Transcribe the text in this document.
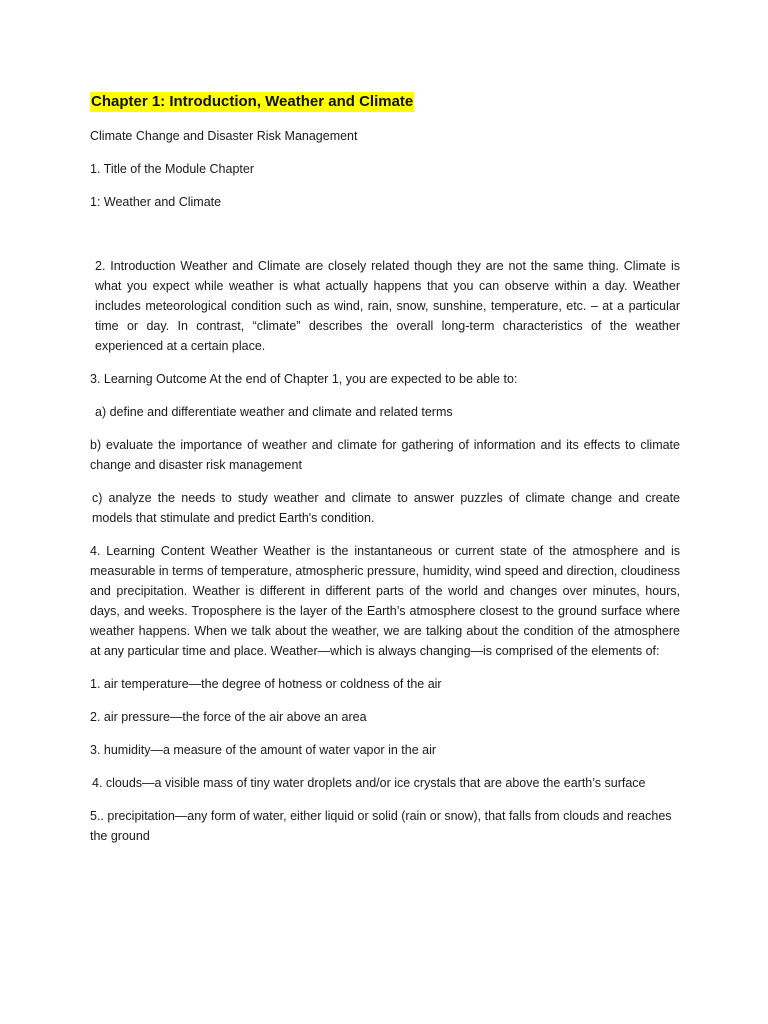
Chapter 1: Introduction, Weather and Climate

Climate Change and Disaster Risk Management

1. Title of the Module Chapter

1: Weather and Climate

2. Introduction Weather and Climate are closely related though they are not the same thing. Climate is what you expect while weather is what actually happens that you can observe within a day. Weather includes meteorological condition such as wind, rain, snow, sunshine, temperature, etc. – at a particular time or day. In contrast, “climate” describes the overall long-term characteristics of the weather experienced at a certain place.

3. Learning Outcome At the end of Chapter 1, you are expected to be able to:

a) define and differentiate weather and climate and related terms

b) evaluate the importance of weather and climate for gathering of information and its effects to climate change and disaster risk management

c) analyze the needs to study weather and climate to answer puzzles of climate change and create models that stimulate and predict Earth's condition.

4. Learning Content Weather Weather is the instantaneous or current state of the atmosphere and is measurable in terms of temperature, atmospheric pressure, humidity, wind speed and direction, cloudiness and precipitation. Weather is different in different parts of the world and changes over minutes, hours, days, and weeks. Troposphere is the layer of the Earth’s atmosphere closest to the ground surface where weather happens. When we talk about the weather, we are talking about the condition of the atmosphere at any particular time and place. Weather—which is always changing—is comprised of the elements of:

1. air temperature—the degree of hotness or coldness of the air

2. air pressure—the force of the air above an area

3. humidity—a measure of the amount of water vapor in the air

4. clouds—a visible mass of tiny water droplets and/or ice crystals that are above the earth’s surface

5.. precipitation—any form of water, either liquid or solid (rain or snow), that falls from clouds and reaches the ground
